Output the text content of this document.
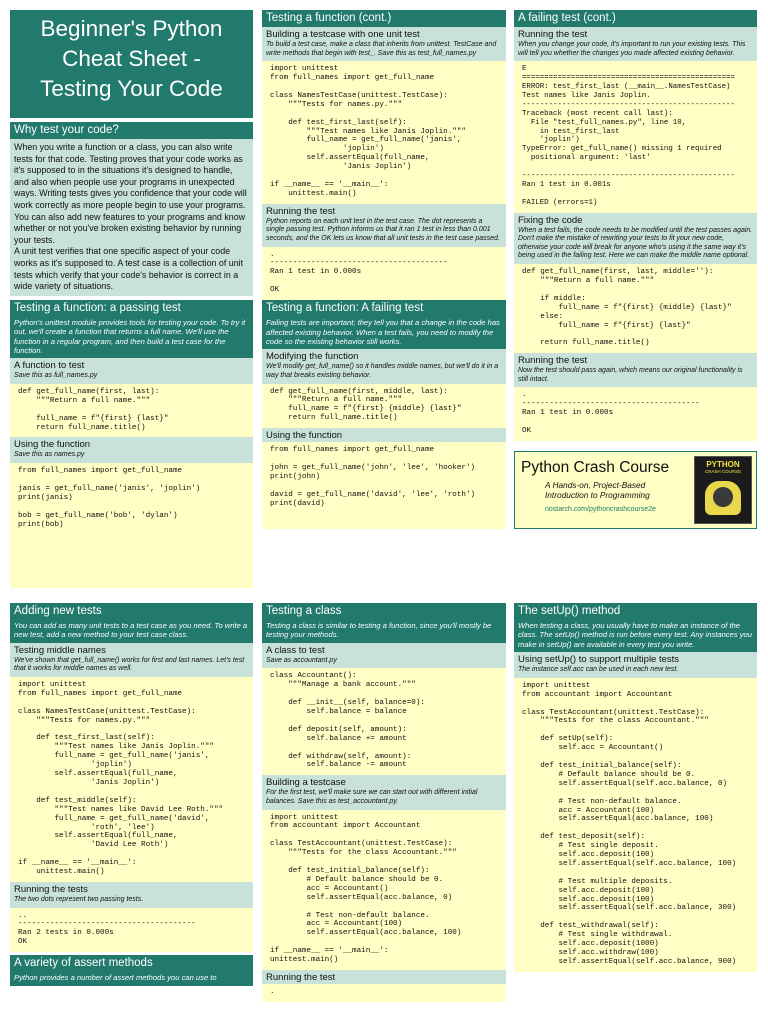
Beginner's Python
Cheat Sheet -
Testing Your Code
Why test your code?
When you write a function or a class, you can also write tests for that code. Testing proves that your code works as it's supposed to in the situations it's designed to handle, and also when people use your programs in unexpected ways. Writing tests gives you confidence that your code will work correctly as more people begin to use your programs. You can also add new features to your programs and know whether or not you've broken existing behavior by running your tests.
A unit test verifies that one specific aspect of your code works as it's supposed to. A test case is a collection of unit tests which verify that your code's behavior is correct in a wide variety of situations.
Testing a function: a passing test
Python's unittest module provides tools for testing your code. To try it out, we'll create a function that returns a full name. We'll use the function in a regular program, and then build a test case for the function.
A function to test
Save this as full_names.py
def get_full_name(first, last):
"""Return a full name."""

full_name = f"{first} {last}"
return full_name.title()
Using the function
Save this as names.py
from full_names import get_full_name

janis = get_full_name('janis', 'joplin')
print(janis)

bob = get_full_name('bob', 'dylan')
print(bob)
Testing a function (cont.)
Building a testcase with one unit test
To build a test case, make a class that inherits from unittest. TestCase and write methods that begin with test_. Save this as test_full_names.py
import unittest
from full_names import get_full_name

class NamesTestCase(unittest.TestCase):
"""Tests for names.py."""

def test_first_last(self):
"""Test names like Janis Joplin."""
full_name = get_full_name('janis',
'joplin')
self.assertEqual(full_name,
'Janis Joplin')

if __name__ == '__main__':
unittest.main()
Running the test
Python reports on each unit test in the test case. The dot represents a single passing test. Python informs us that it ran 1 test in less than 0.001 seconds, and the OK lets us know that all unit tests in the test case passed.
.
---------------------------------------
Ran 1 test in 0.000s

OK
Testing a function: A failing test
Failing tests are important; they tell you that a change in the code has affected existing behavior. When a test fails, you need to modify the code so the existing behavior still works.
Modifying the function
We'll modify get_full_name() so it handles middle names, but we'll do it in a way that breaks existing behavior.
def get_full_name(first, middle, last):
"""Return a full name."""
full_name = f"{first} {middle} {last}"
return full_name.title()
Using the function
from full_names import get_full_name

john = get_full_name('john', 'lee', 'hooker')
print(john)

david = get_full_name('david', 'lee', 'roth')
print(david)
A failing test (cont.)
Running the test
When you change your code, it's important to run your existing tests. This will tell you whether the changes you made affected existing behavior.
E
================================================
ERROR: test_first_last (__main__.NamesTestCase)
Test names like Janis Joplin.
------------------------------------------------
Traceback (most recent call last):
File "test_full_names.py", line 10,
in test_first_last
'joplin')
TypeError: get_full_name() missing 1 required
positional argument: 'last'

------------------------------------------------
Ran 1 test in 0.001s

FAILED (errors=1)
Fixing the code
When a test fails, the code needs to be modified until the test passes again. Don't make the mistake of rewriting your tests to fit your new code, otherwise your code will break for anyone who's using it the same way it's being used in the failing test. Here we can make the middle name optional.
def get_full_name(first, last, middle=''):
"""Return a full name."""

if middle:
full_name = f"{first} {middle} {last}"
else:
full_name = f"{first} {last}"

return full_name.title()
Running the test
Now the test should pass again, which means our original functionality is still intact.
.
---------------------------------------
Ran 1 test in 0.000s

OK
Python Crash Course
A Hands-on, Project-Based
Introduction to Programming
nostarch.com/pythoncrashcourse2e
PYTHON
CRASH COURSE
Adding new tests
You can add as many unit tests to a test case as you need. To write a new test, add a new method to your test case class.
Testing middle names
We've shown that get_full_name() works for first and last names. Let's test that it works for middle names as well.
import unittest
from full_names import get_full_name

class NamesTestCase(unittest.TestCase):
"""Tests for names.py."""

def test_first_last(self):
"""Test names like Janis Joplin."""
full_name = get_full_name('janis',
'joplin')
self.assertEqual(full_name,
'Janis Joplin')

def test_middle(self):
"""Test names like David Lee Roth."""
full_name = get_full_name('david',
'roth', 'lee')
self.assertEqual(full_name,
'David Lee Roth')

if __name__ == '__main__':
unittest.main()
Running the tests
The two dots represent two passing tests.
..
---------------------------------------
Ran 2 tests in 0.000s
OK
A variety of assert methods
Python provides a number of assert methods you can use to
Testing a class
Testing a class is similar to testing a function, since you'll mostly be testing your methods.
A class to test
Save as accountant.py
class Accountant():
"""Manage a bank account."""

def __init__(self, balance=0):
self.balance = balance

def deposit(self, amount):
self.balance += amount

def withdraw(self, amount):
self.balance -= amount
Building a testcase
For the first test, we'll make sure we can start out with different initial balances. Save this as test_accountant.py.
import unittest
from accountant import Accountant

class TestAccountant(unittest.TestCase):
"""Tests for the class Accountant."""

def test_initial_balance(self):
# Default balance should be 0.
acc = Accountant()
self.assertEqual(acc.balance, 0)

# Test non-default balance.
acc = Accountant(100)
self.assertEqual(acc.balance, 100)

if __name__ == '__main__':
unittest.main()
Running the test
.
The setUp() method
When testing a class, you usually have to make an instance of the class. The setUp() method is run before every test. Any instances you make in setUp() are available in every test you write.
Using setUp() to support multiple tests
The instance self.acc can be used in each new test.
import unittest
from accountant import Accountant

class TestAccountant(unittest.TestCase):
"""Tests for the class Accountant."""

def setUp(self):
self.acc = Accountant()

def test_initial_balance(self):
# Default balance should be 0.
self.assertEqual(self.acc.balance, 0)

# Test non-default balance.
acc = Accountant(100)
self.assertEqual(acc.balance, 100)

def test_deposit(self):
# Test single deposit.
self.acc.deposit(100)
self.assertEqual(self.acc.balance, 100)

# Test multiple deposits.
self.acc.deposit(100)
self.acc.deposit(100)
self.assertEqual(self.acc.balance, 300)

def test_withdrawal(self):
# Test single withdrawal.
self.acc.deposit(1000)
self.acc.withdraw(100)
self.assertEqual(self.acc.balance, 900)
